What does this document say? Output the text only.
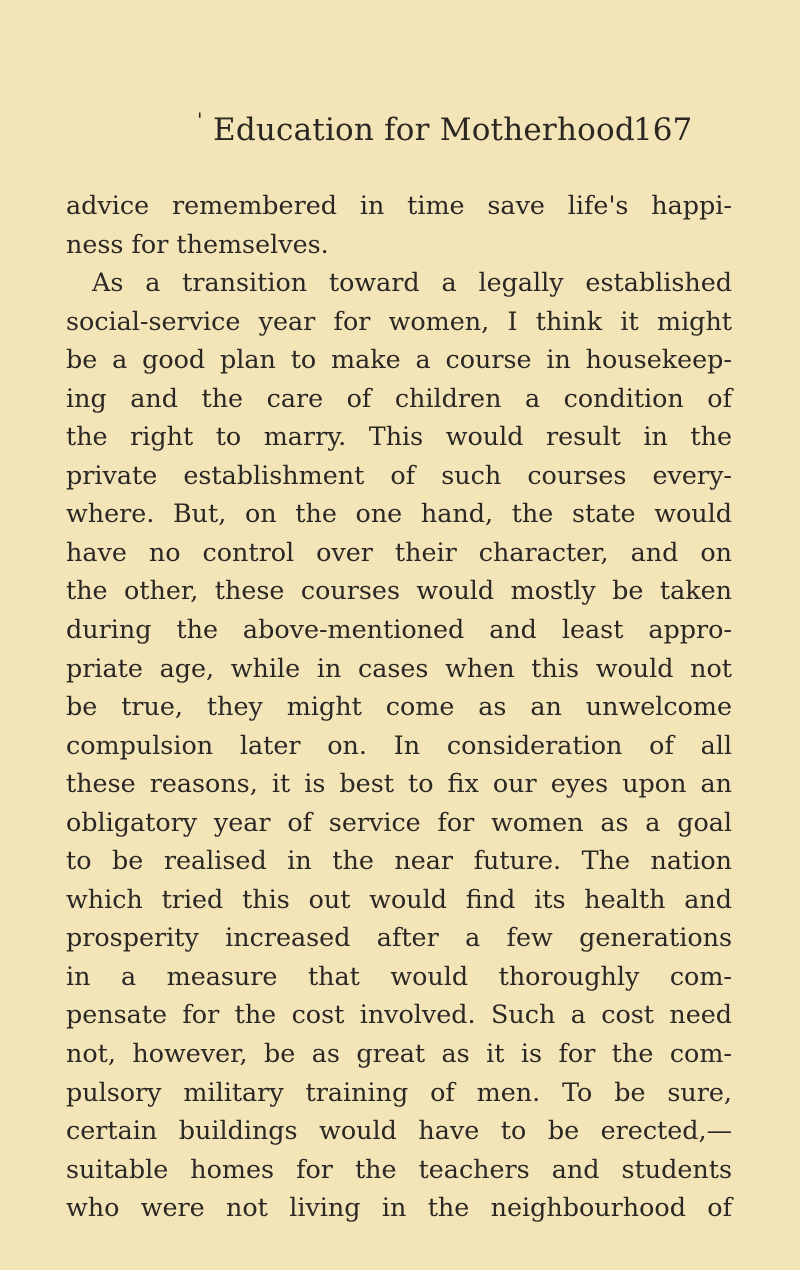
' Education for Motherhood
167
advice remembered in time save life's happi-
ness for themselves.
As a transition toward a legally established
social-service year for women, I think it might
be a good plan to make a course in housekeep-
ing and the care of children a condition of
the right to marry. This would result in the
private establishment of such courses every-
where. But, on the one hand, the state would
have no control over their character, and on
the other, these courses would mostly be taken
during the above-mentioned and least appro-
priate age, while in cases when this would not
be true, they might come as an unwelcome
compulsion later on. In consideration of all
these reasons, it is best to fix our eyes upon an
obligatory year of service for women as a goal
to be realised in the near future. The nation
which tried this out would find its health and
prosperity increased after a few generations
in a measure that would thoroughly com-
pensate for the cost involved. Such a cost need
not, however, be as great as it is for the com-
pulsory military training of men. To be sure,
certain buildings would have to be erected,—
suitable homes for the teachers and students
who were not living in the neighbourhood of
